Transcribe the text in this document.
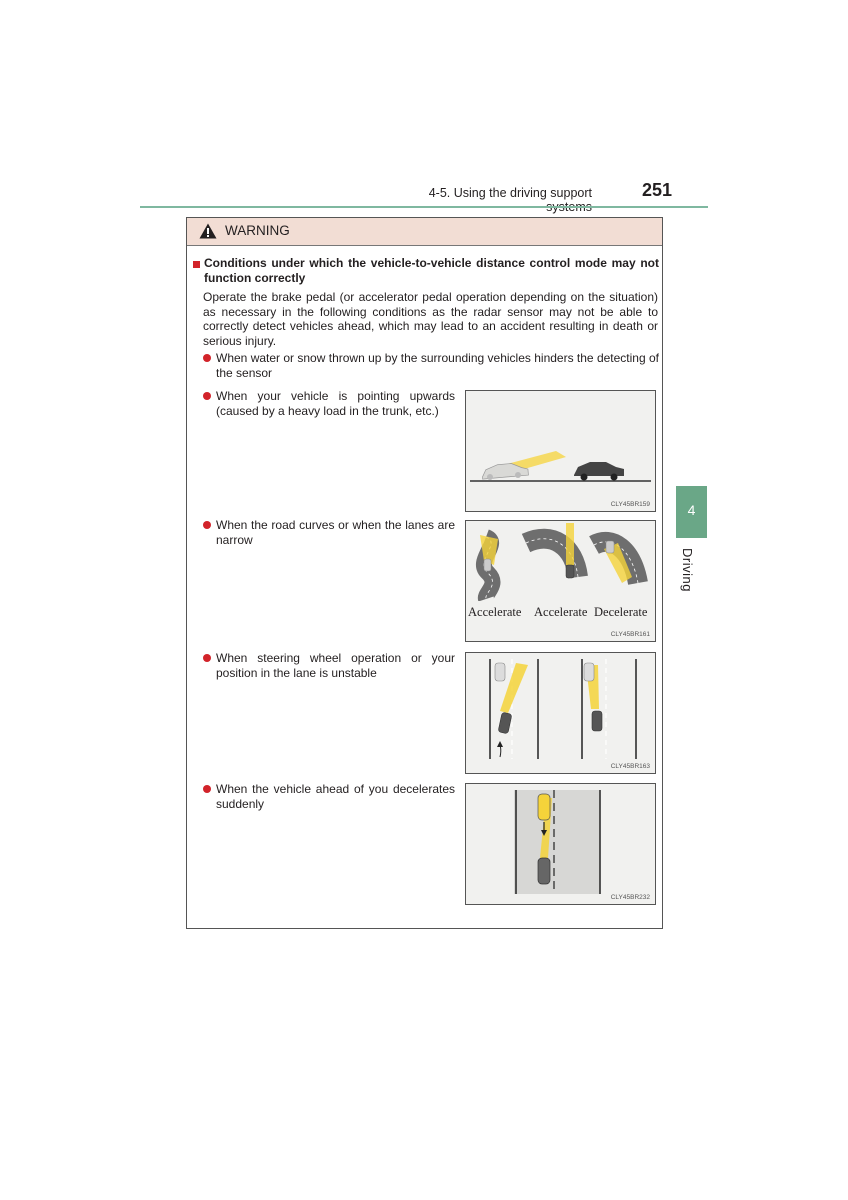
4-5. Using the driving support	251
4
Driving
WARNING
Conditions under which the vehicle-to-vehicle distance control mode may not function correctly
Operate the brake pedal (or accelerator pedal operation depending on the situation) as necessary in the following conditions as the radar sensor may not be able to correctly detect vehicles ahead, which may lead to an accident resulting in death or serious injury.
When water or snow thrown up by the surrounding vehicles hinders the detecting of the sensor
When your vehicle is pointing upwards (caused by a heavy load in the trunk, etc.)
When the road curves or when the lanes are narrow
When steering wheel operation or your position in the lane is unstable
When the vehicle ahead of you decelerates suddenly
CLY45BR159
Accelerate Accelerate Decelerate
CLY45BR161
CLY45BR163
CLY45BR232
